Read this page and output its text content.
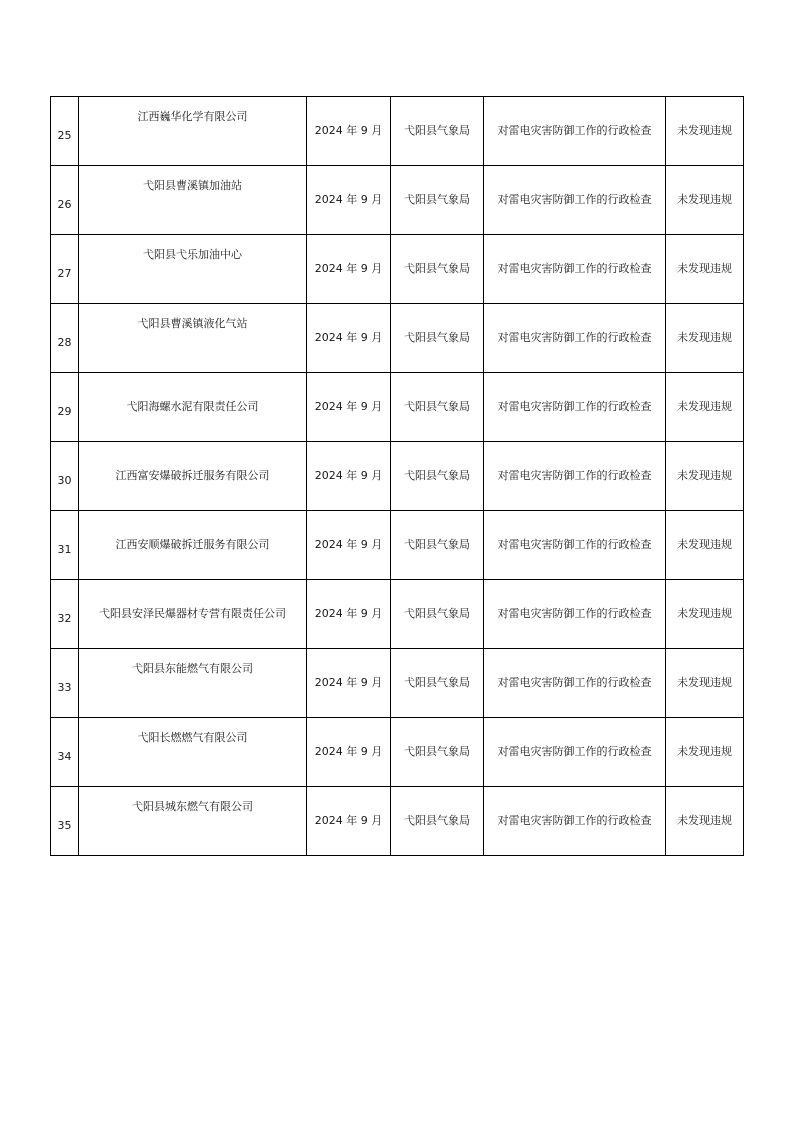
25	江西巍华化学有限公司	2024 年 9 月	弋阳县气象局	对雷电灾害防御工作的行政检查	未发现违规

26	弋阳县曹溪镇加油站	2024 年 9 月	弋阳县气象局	对雷电灾害防御工作的行政检查	未发现违规

27	弋阳县弋乐加油中心	2024 年 9 月	弋阳县气象局	对雷电灾害防御工作的行政检查	未发现违规

28	弋阳县曹溪镇液化气站	2024 年 9 月	弋阳县气象局	对雷电灾害防御工作的行政检查	未发现违规

29	弋阳海螺水泥有限责任公司	2024 年 9 月	弋阳县气象局	对雷电灾害防御工作的行政检查	未发现违规

30	江西富安爆破拆迁服务有限公司	2024 年 9 月	弋阳县气象局	对雷电灾害防御工作的行政检查	未发现违规

31	江西安顺爆破拆迁服务有限公司	2024 年 9 月	弋阳县气象局	对雷电灾害防御工作的行政检查	未发现违规

32	弋阳县安泽民爆器材专营有限责任公司	2024 年 9 月	弋阳县气象局	对雷电灾害防御工作的行政检查	未发现违规

33	弋阳县东能燃气有限公司	2024 年 9 月	弋阳县气象局	对雷电灾害防御工作的行政检查	未发现违规

34	弋阳长燃燃气有限公司	2024 年 9 月	弋阳县气象局	对雷电灾害防御工作的行政检查	未发现违规

35	弋阳县城东燃气有限公司	2024 年 9 月	弋阳县气象局	对雷电灾害防御工作的行政检查	未发现违规
